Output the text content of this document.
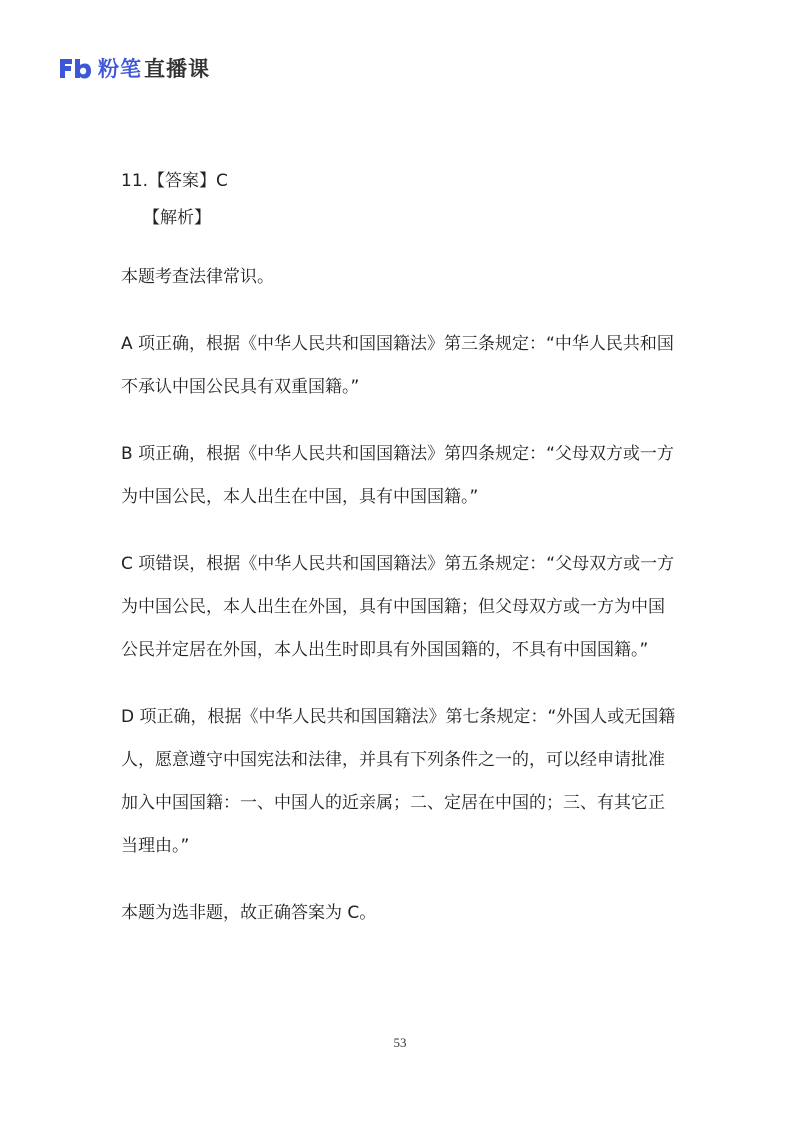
粉笔 直播课

11.【答案】C

【解析】

本题考查法律常识。

A 项正确，根据《中华人民共和国国籍法》第三条规定：“中华人民共和国不承认中国公民具有双重国籍。”

B 项正确，根据《中华人民共和国国籍法》第四条规定：“父母双方或一方为中国公民，本人出生在中国，具有中国国籍。”

C 项错误，根据《中华人民共和国国籍法》第五条规定：“父母双方或一方为中国公民，本人出生在外国，具有中国国籍；但父母双方或一方为中国公民并定居在外国，本人出生时即具有外国国籍的，不具有中国国籍。”

D 项正确，根据《中华人民共和国国籍法》第七条规定：“外国人或无国籍人，愿意遵守中国宪法和法律，并具有下列条件之一的，可以经申请批准加入中国国籍：一、中国人的近亲属；二、定居在中国的；三、有其它正当理由。”

本题为选非题，故正确答案为 C。

53
